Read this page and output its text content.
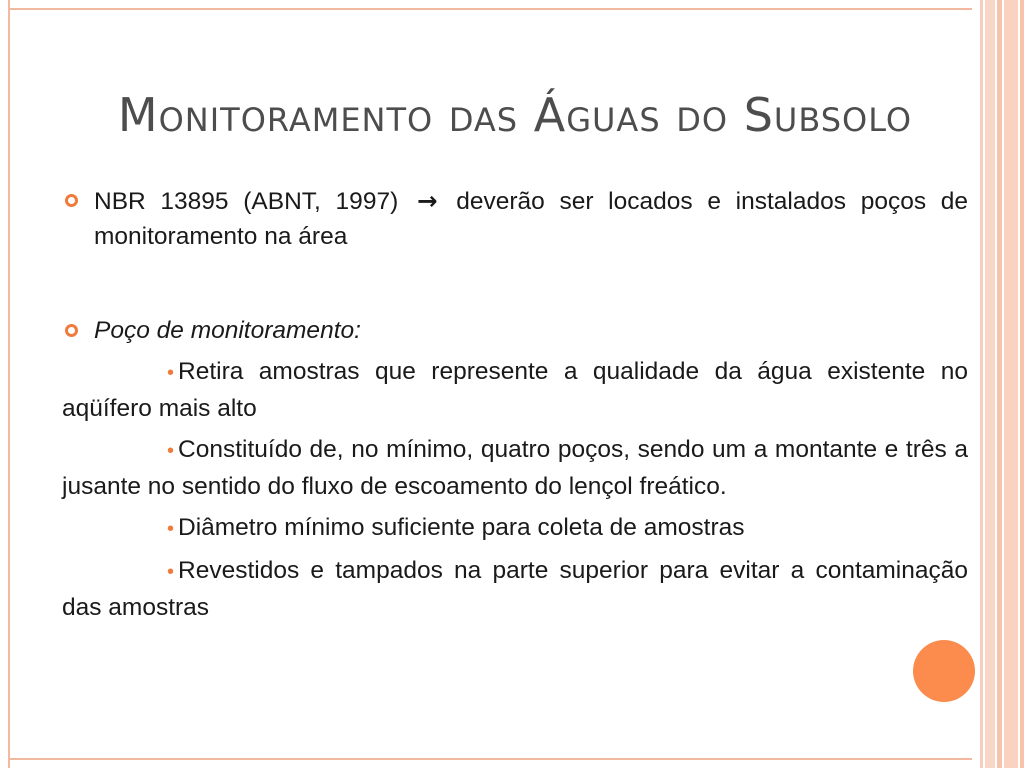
Monitoramento das Águas do Subsolo
NBR 13895 (ABNT, 1997) → deverão ser locados e instalados poços de monitoramento na área
Poço de monitoramento:
• Retira amostras que represente a qualidade da água existente no aqüífero mais alto
• Constituído de, no mínimo, quatro poços, sendo um a montante e três a jusante no sentido do fluxo de escoamento do lençol freático.
• Diâmetro mínimo suficiente para coleta de amostras
• Revestidos e tampados na parte superior para evitar a contaminação das amostras
